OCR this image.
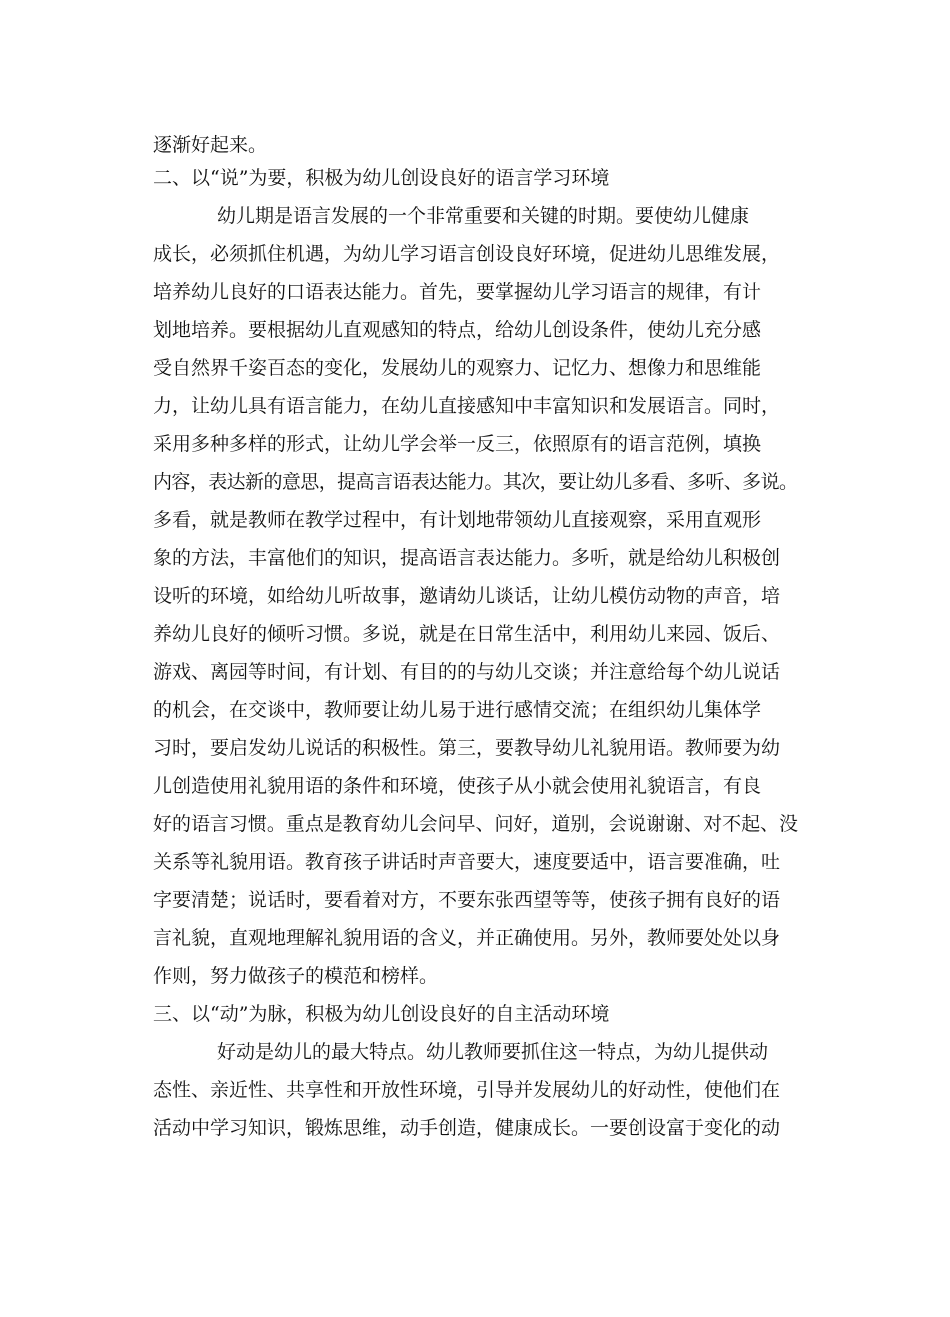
逐渐好起来。
二、以“说”为要，积极为幼儿创设良好的语言学习环境
幼儿期是语言发展的一个非常重要和关键的时期。要使幼儿健康
成长，必须抓住机遇，为幼儿学习语言创设良好环境，促进幼儿思维发展，
培养幼儿良好的口语表达能力。首先，要掌握幼儿学习语言的规律，有计
划地培养。要根据幼儿直观感知的特点，给幼儿创设条件，使幼儿充分感
受自然界千姿百态的变化，发展幼儿的观察力、记忆力、想像力和思维能
力，让幼儿具有语言能力，在幼儿直接感知中丰富知识和发展语言。同时，
采用多种多样的形式，让幼儿学会举一反三，依照原有的语言范例，填换
内容，表达新的意思，提高言语表达能力。其次，要让幼儿多看、多听、多说。
多看，就是教师在教学过程中，有计划地带领幼儿直接观察，采用直观形
象的方法，丰富他们的知识，提高语言表达能力。多听，就是给幼儿积极创
设听的环境，如给幼儿听故事，邀请幼儿谈话，让幼儿模仿动物的声音，培
养幼儿良好的倾听习惯。多说，就是在日常生活中，利用幼儿来园、饭后、
游戏、离园等时间，有计划、有目的的与幼儿交谈；并注意给每个幼儿说话
的机会，在交谈中，教师要让幼儿易于进行感情交流；在组织幼儿集体学
习时，要启发幼儿说话的积极性。第三，要教导幼儿礼貌用语。教师要为幼
儿创造使用礼貌用语的条件和环境，使孩子从小就会使用礼貌语言，有良
好的语言习惯。重点是教育幼儿会问早、问好，道别，会说谢谢、对不起、没
关系等礼貌用语。教育孩子讲话时声音要大，速度要适中，语言要准确，吐
字要清楚；说话时，要看着对方，不要东张西望等等，使孩子拥有良好的语
言礼貌，直观地理解礼貌用语的含义，并正确使用。另外，教师要处处以身
作则，努力做孩子的模范和榜样。
三、以“动”为脉，积极为幼儿创设良好的自主活动环境
好动是幼儿的最大特点。幼儿教师要抓住这一特点，为幼儿提供动
态性、亲近性、共享性和开放性环境，引导并发展幼儿的好动性，使他们在
活动中学习知识，锻炼思维，动手创造，健康成长。一要创设富于变化的动
